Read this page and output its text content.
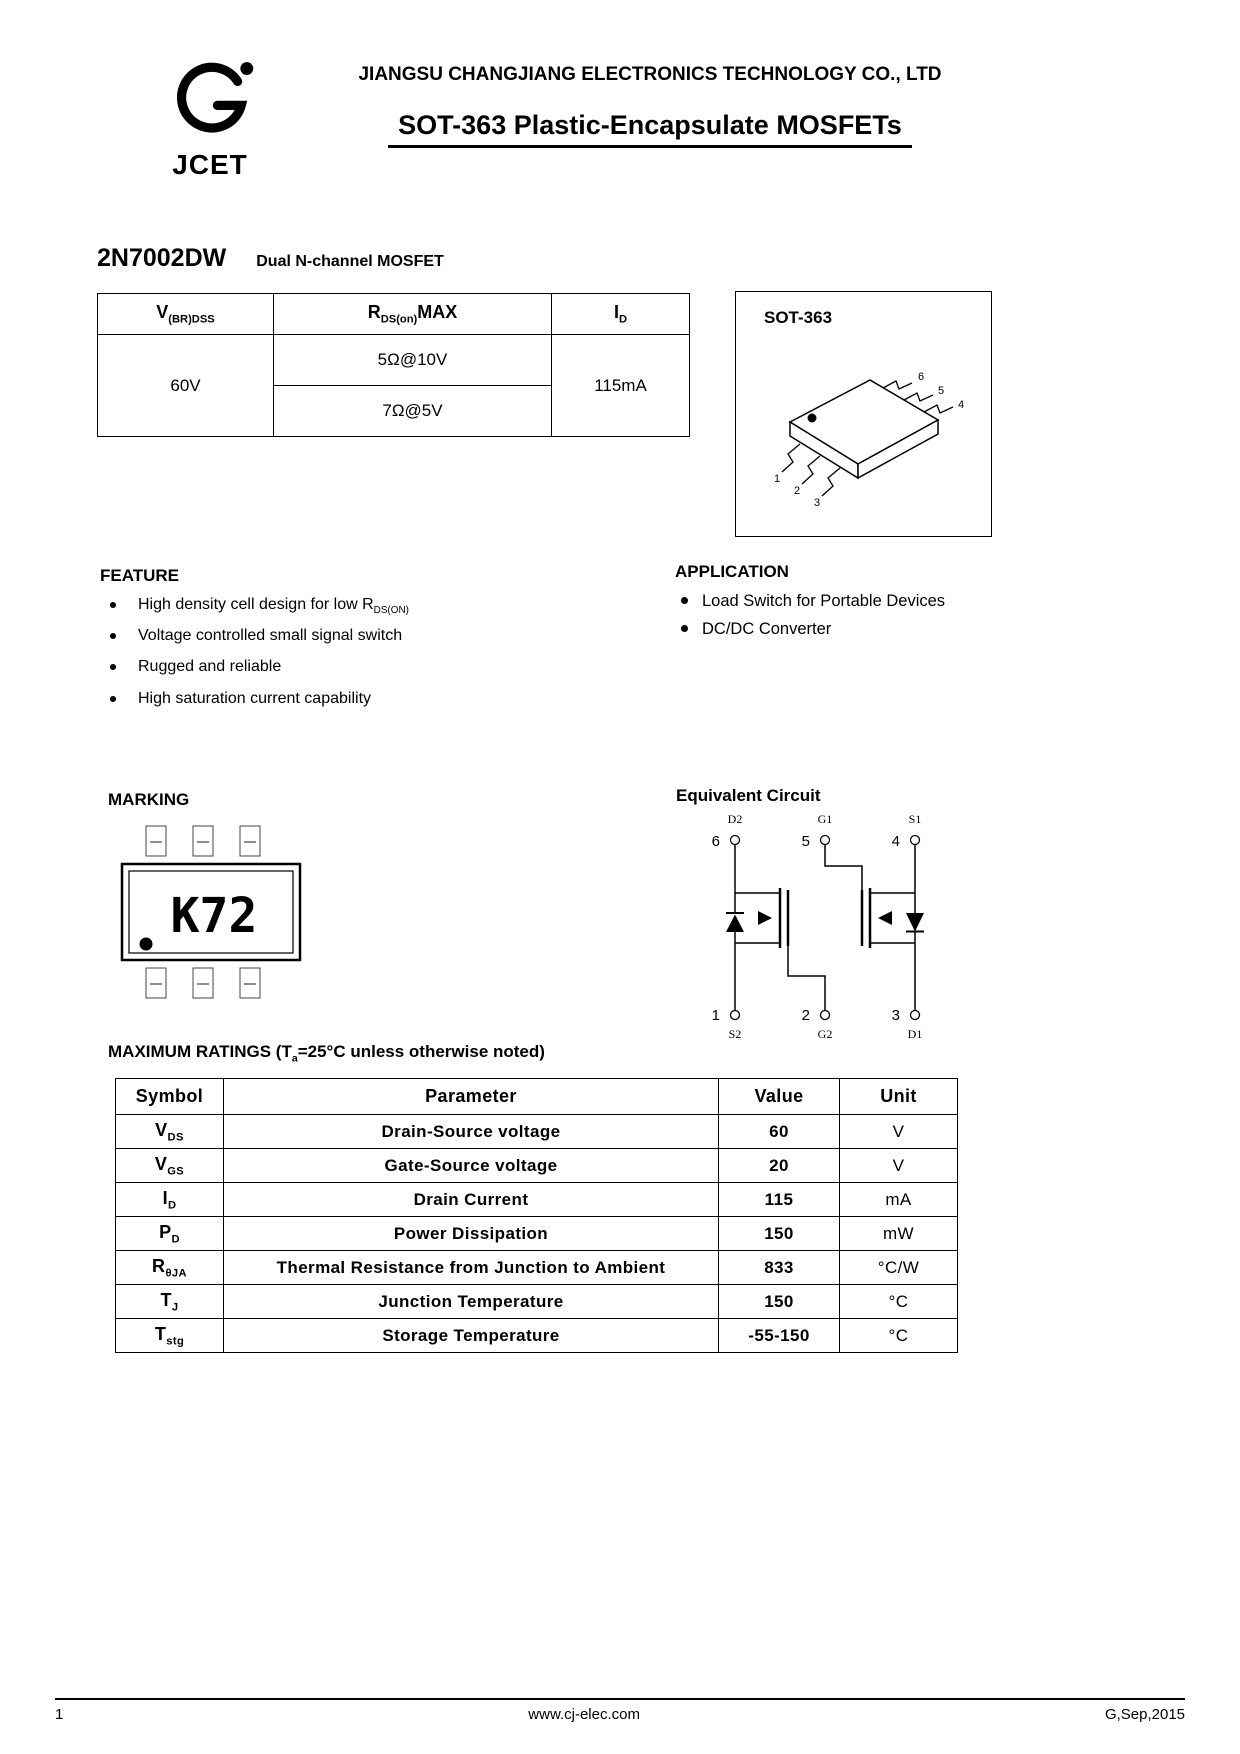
JCET
JIANGSU CHANGJIANG ELECTRONICS TECHNOLOGY CO., LTD
SOT-363 Plastic-Encapsulate MOSFETs
2N7002DW Dual N-channel MOSFET
$V_{(BR)DSS}$	$R_{DS(on)}MAX$	$I_D$
60V	5Ω@10V	115mA
	7Ω@5V	
SOT-363
6
5
4
1
2
3
FEATURE
High density cell design for low $R_{DS(ON)}$
Voltage controlled small signal switch
Rugged and reliable
High saturation current capability
APPLICATION
Load Switch for Portable Devices
DC/DC Converter
MARKING
K72
Equivalent Circuit
D2	G1	S1
6	5	4
1	2	3
S2	G2	D1
MAXIMUM RATINGS ($T_a=25^\circ C$ unless otherwise noted)
Symbol	Parameter	Value	Unit
$V_{DS}$	Drain-Source voltage	60	V
$V_{GS}$	Gate-Source voltage	20	V
$I_D$	Drain Current	115	mA
$P_D$	Power Dissipation	150	mW
$R_{\theta JA}$	Thermal Resistance from Junction to Ambient	833	°C/W
$T_J$	Junction Temperature	150	°C
$T_{stg}$	Storage Temperature	-55-150	°C
1	www.cj-elec.com	G,Sep,2015
